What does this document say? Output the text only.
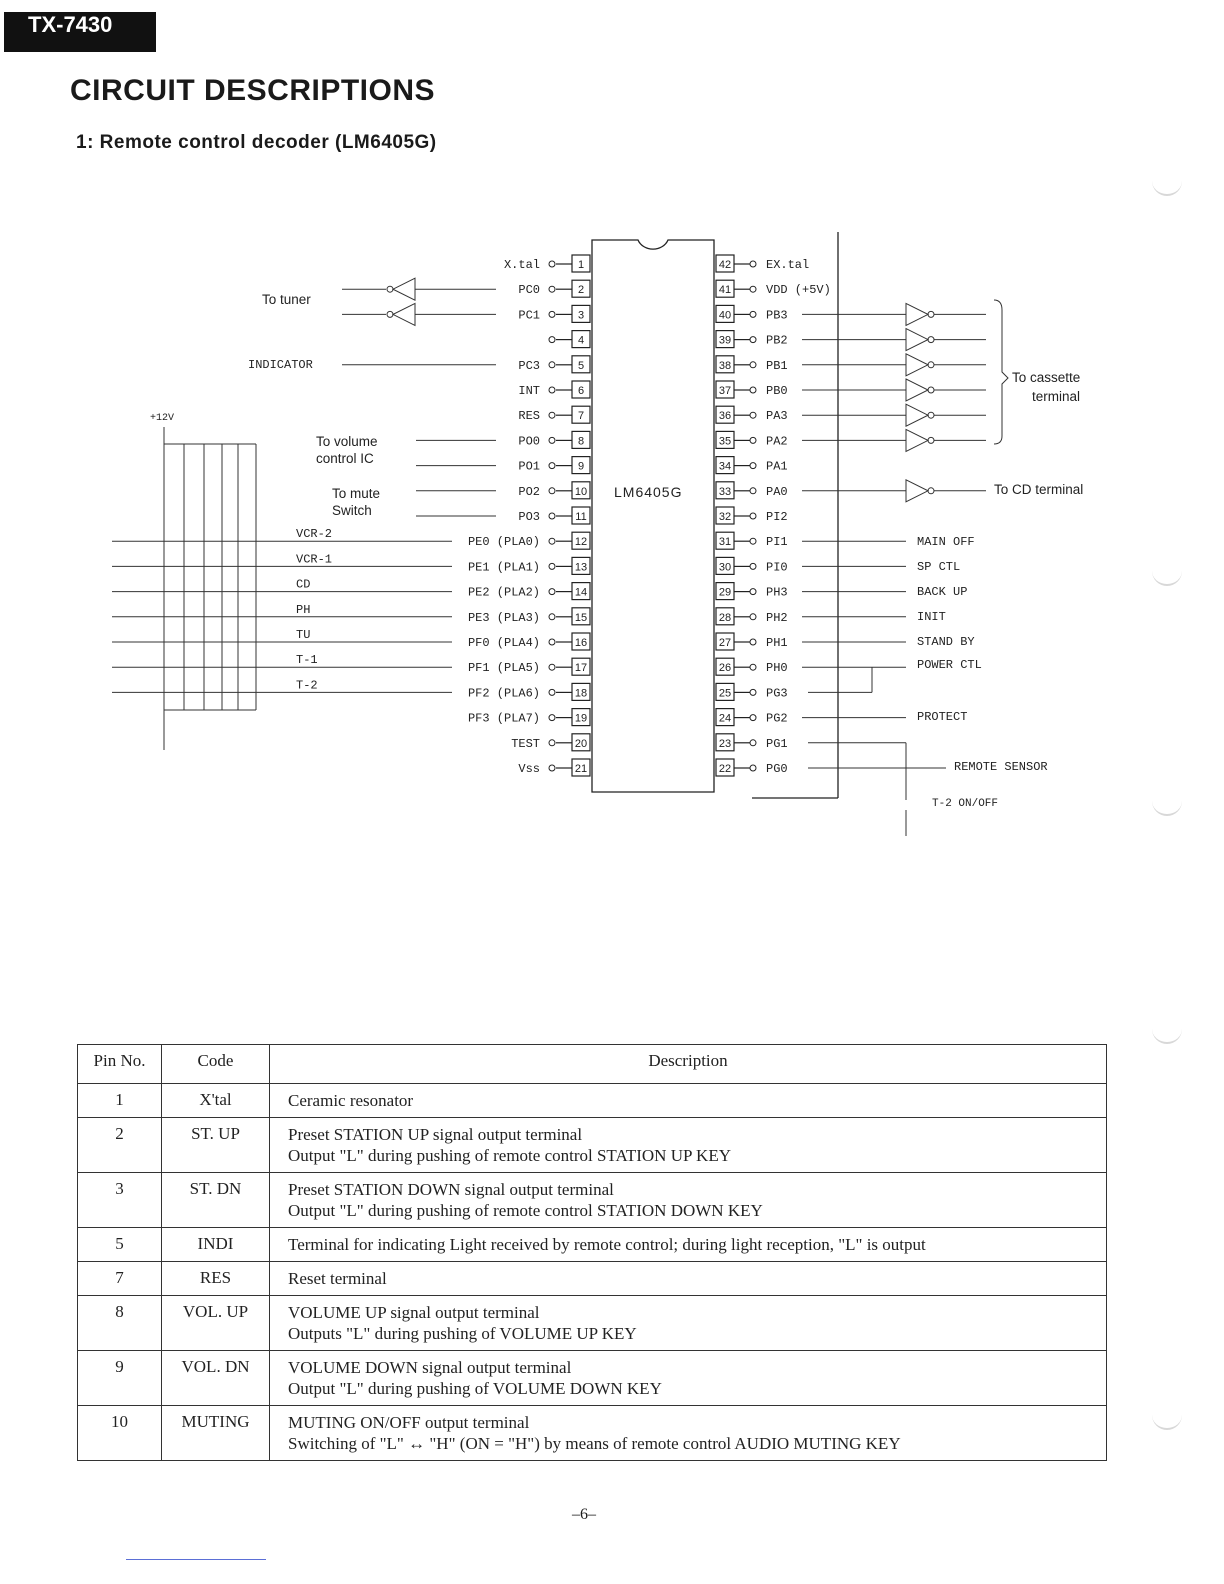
TX-7430
CIRCUIT DESCRIPTIONS
1: Remote control decoder (LM6405G)
1
X.tal
2
PC0
3
PC1
4
5
PC3
6
INT
7
RES
8
PO0
9
PO1
10
PO2
11
PO3
12
PE0 (PLA0)
13
PE1 (PLA1)
14
PE2 (PLA2)
15
PE3 (PLA3)
16
PF0 (PLA4)
17
PF1 (PLA5)
18
PF2 (PLA6)
19
PF3 (PLA7)
20
TEST
21
Vss
42	EX.tal
41	VDD (+5V)
40	PB3
39	PB2
38	PB1
37	PB0
36	PA3
35	PA2
34	PA1
33	PA0
32	PI2
31	PI1
30	PI0
29	PH3
28	PH2
27	PH1
26	PH0
25	PG3
24	PG2
23	PG1
22	PG0
LM6405G
To tuner
INDICATOR
+12V
To volume
control IC
To mute
Switch
VCR-2
VCR-1
CD
PH
TU
T-1
T-2
To cassette
terminal
To CD terminal
MAIN OFF
SP CTL
BACK UP
INIT
STAND BY
POWER CTL
PROTECT
REMOTE SENSOR
T-2 ON/OFF
Pin No.	Code	Description
1	X'tal	Ceramic resonator

2	ST. UP	Preset STATION UP signal output terminal
Output "L" during pushing of remote control STATION UP KEY

3	ST. DN	Preset STATION DOWN signal output terminal
Output "L" during pushing of remote control STATION DOWN KEY

5	INDI	Terminal for indicating Light received by remote control; during light reception, "L" is output

7	RES	Reset terminal

8	VOL. UP	VOLUME UP signal output terminal
Outputs "L" during pushing of VOLUME UP KEY

9	VOL. DN	VOLUME DOWN signal output terminal
Output "L" during pushing of VOLUME DOWN KEY

10	MUTING	MUTING ON/OFF output terminal
Switching of "L" ↔ "H" (ON = "H") by means of remote control AUDIO MUTING KEY
–6–
